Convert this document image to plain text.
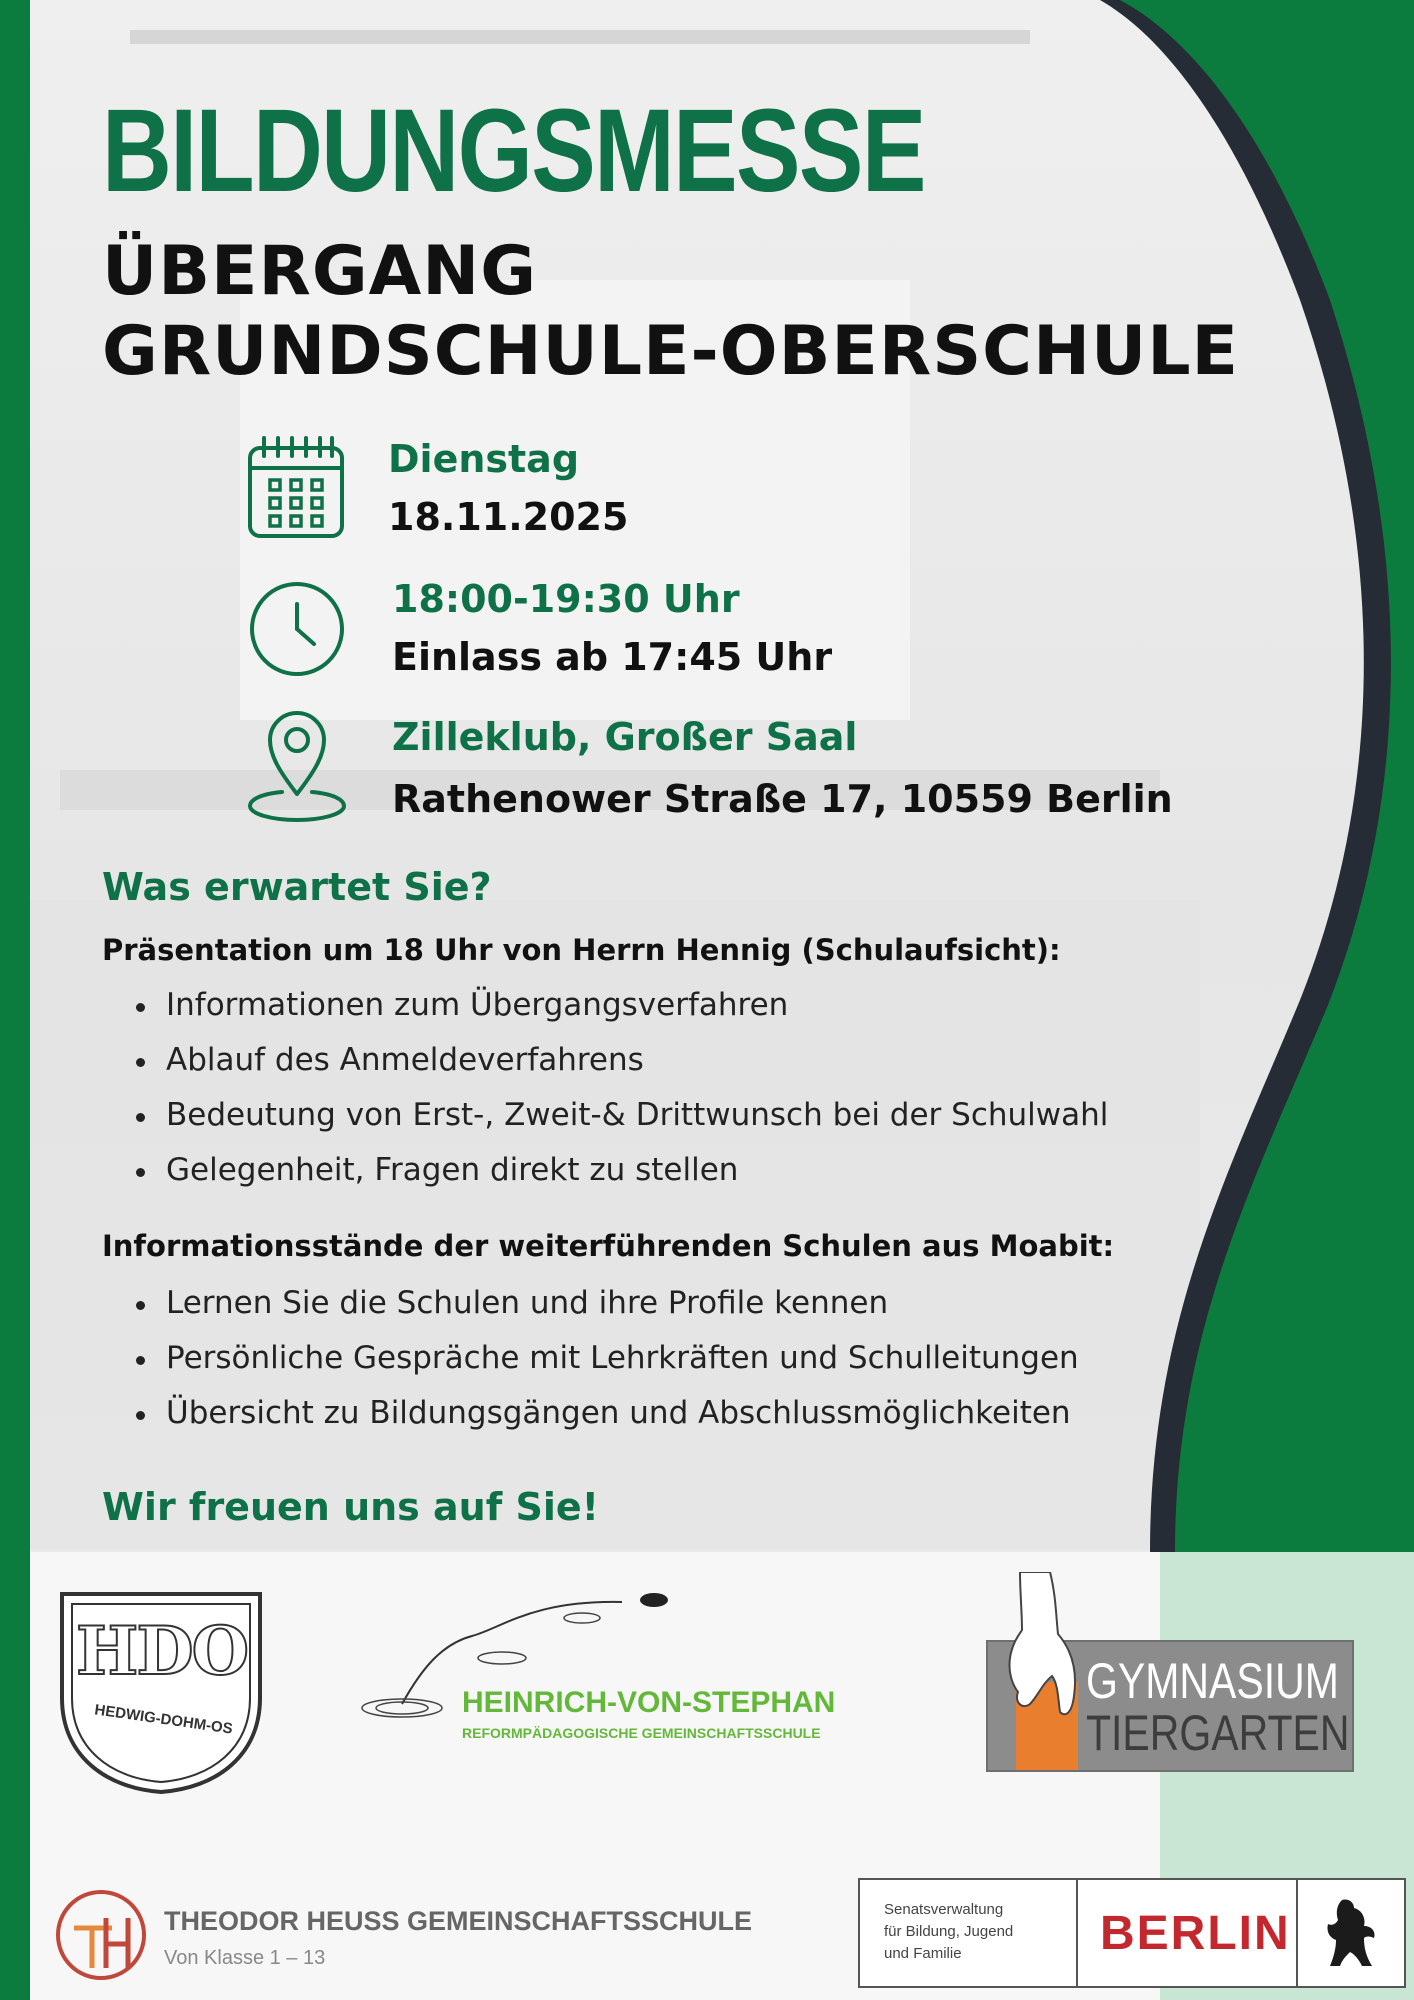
BILDUNGSMESSE
ÜBERGANG
GRUNDSCHULE-OBERSCHULE
Dienstag
18.11.2025
18:00-19:30 Uhr
Einlass ab 17:45 Uhr
Zilleklub, Großer Saal
Rathenower Straße 17, 10559 Berlin
Was erwartet Sie?
Präsentation um 18 Uhr von Herrn Hennig (Schulaufsicht):
Informationen zum Übergangsverfahren
Ablauf des Anmeldeverfahrens
Bedeutung von Erst-, Zweit-& Drittwunsch bei der Schulwahl
Gelegenheit, Fragen direkt zu stellen
Informationsstände der weiterführenden Schulen aus Moabit:
Lernen Sie die Schulen und ihre Profile kennen
Persönliche Gespräche mit Lehrkräften und Schulleitungen
Übersicht zu Bildungsgängen und Abschlussmöglichkeiten
Wir freuen uns auf Sie!
HDO
HEDWIG-DOHM-OS	HEINRICH-VON-STEPHAN
REFORMPÄDAGOGISCHE GEMEINSCHAFTSSCHULE
GYMNASIUM
TIERGARTEN
THEODOR HEUSS GEMEINSCHAFTSSCHULE
Von Klasse 1 – 13
Senatsverwaltung
für Bildung, Jugend
und Familie	BERLIN
